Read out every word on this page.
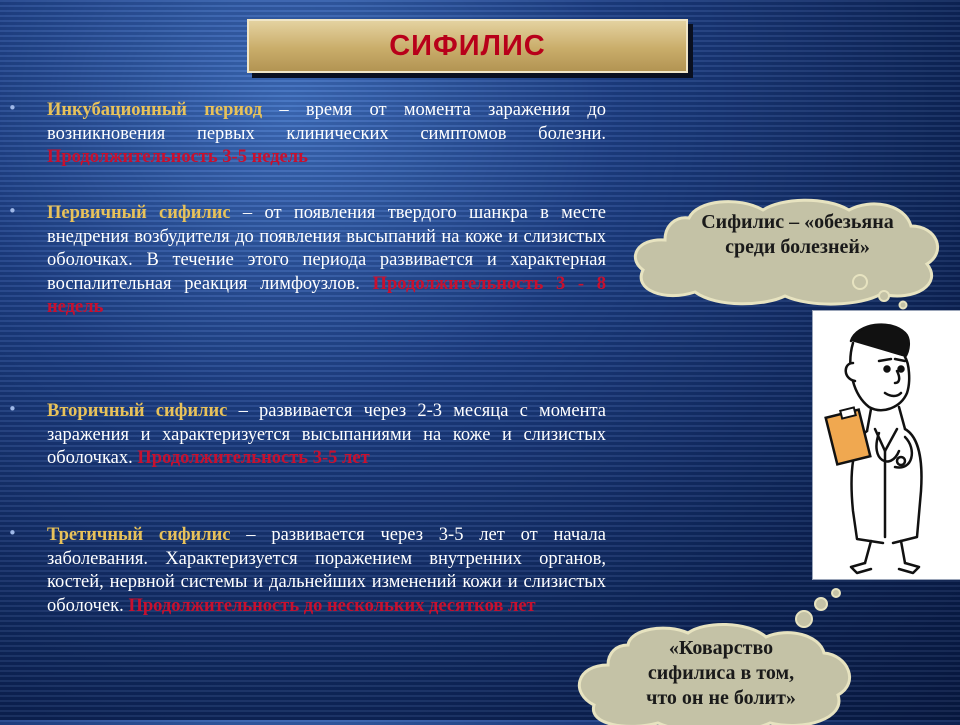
СИФИЛИС
• Инкубационный период – время от момента заражения до возникновения первых клинических симптомов болезни. Продолжительность 3-5 недель
• Первичный сифилис – от появления твердого шанкра в месте внедрения возбудителя до появления высыпаний на коже и слизистых оболочках. В течение этого периода развивается и характерная воспалительная реакция лимфоузлов. Продолжительность 3 - 8 недель
• Вторичный сифилис – развивается через 2-3 месяца с момента заражения и характеризуется высыпаниями на коже и слизистых оболочках. Продолжительность 3-5 лет
• Третичный сифилис – развивается через 3-5 лет от начала заболевания. Характеризуется поражением внутренних органов, костей, нервной системы и дальнейших изменений кожи и слизистых оболочек. Продолжительность до нескольких десятков лет
Сифилис – «обезьяна
среди болезней»
«Коварство
сифилиса в том,
что он не болит»
